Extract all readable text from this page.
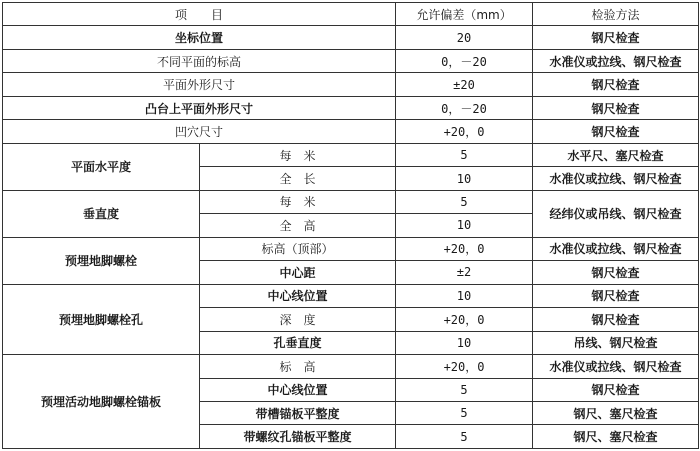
项　　目		允许偏差（mm）	检验方法
坐标位置		20	钢尺检查
不同平面的标高		0，－20	水准仪或拉线、钢尺检查
平面外形尺寸		±20	钢尺检查
凸台上平面外形尺寸		0，－20	钢尺检查
凹穴尺寸		+20，0	钢尺检查
平面水平度	每　米	5	水平尺、塞尺检查
	全　长	10	水准仪或拉线、钢尺检查
垂直度	每　米	5	经纬仪或吊线、钢尺检查
	全　高	10	
预埋地脚螺栓	标高（顶部）	+20，0	水准仪或拉线、钢尺检查
	中心距	±2	钢尺检查
预埋地脚螺栓孔	中心线位置	10	钢尺检查
	深　度	+20，0	钢尺检查
	孔垂直度	10	吊线、钢尺检查
预埋活动地脚螺栓锚板	标　高	+20，0	水准仪或拉线、钢尺检查
	中心线位置	5	钢尺检查
	带槽锚板平整度	5	钢尺、塞尺检查
	带螺纹孔锚板平整度	5	钢尺、塞尺检查
